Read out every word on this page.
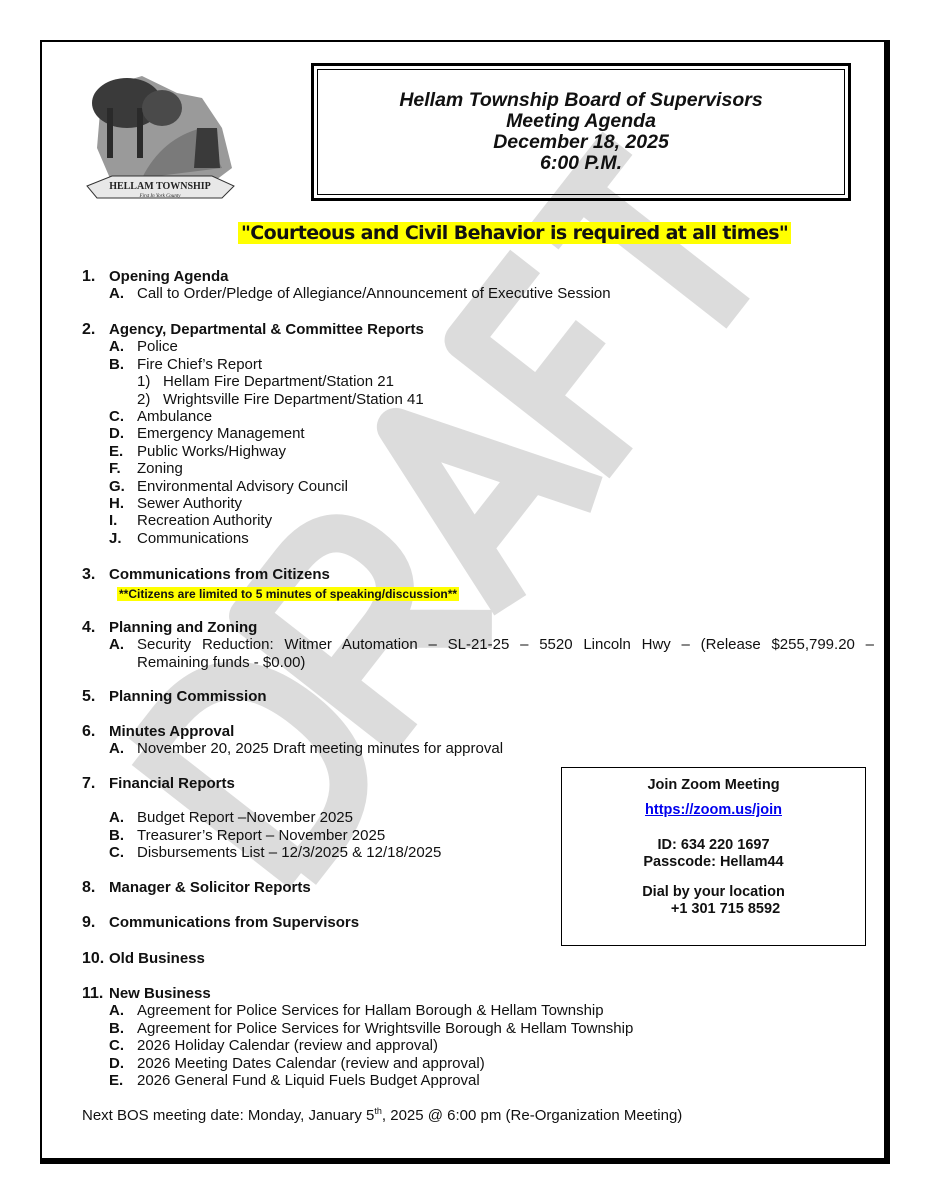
HELLAM TOWNSHIP
First In York County
Hellam Township Board of Supervisors
Meeting Agenda
December 18, 2025
6:00 P.M.
"Courteous and Civil Behavior is required at all times"
1. Opening Agenda
A. Call to Order/Pledge of Allegiance/Announcement of Executive Session
2. Agency, Departmental & Committee Reports
A. Police
B. Fire Chief’s Report
1) Hellam Fire Department/Station 21
2) Wrightsville Fire Department/Station 41
C. Ambulance
D. Emergency Management
E. Public Works/Highway
F. Zoning
G. Environmental Advisory Council
H. Sewer Authority
I. Recreation Authority
J. Communications
3. Communications from Citizens
**Citizens are limited to 5 minutes of speaking/discussion**
4. Planning and Zoning
A. Security Reduction: Witmer Automation – SL-21-25 – 5520 Lincoln Hwy – (Release $255,799.20 –
Remaining funds - $0.00)
5. Planning Commission
6. Minutes Approval
A. November 20, 2025 Draft meeting minutes for approval
7. Financial Reports
A. Budget Report –November 2025
B. Treasurer’s Report – November 2025
C. Disbursements List – 12/3/2025 & 12/18/2025
8. Manager & Solicitor Reports
9. Communications from Supervisors
10. Old Business
11. New Business
A. Agreement for Police Services for Hallam Borough & Hellam Township
B. Agreement for Police Services for Wrightsville Borough & Hellam Township
C. 2026 Holiday Calendar (review and approval)
D. 2026 Meeting Dates Calendar (review and approval)
E. 2026 General Fund & Liquid Fuels Budget Approval
Join Zoom Meeting
https://zoom.us/join
ID: 634 220 1697
Passcode: Hellam44
Dial by your location
+1 301 715 8592
Next BOS meeting date: Monday, January 5th, 2025 @ 6:00 pm (Re-Organization Meeting)
